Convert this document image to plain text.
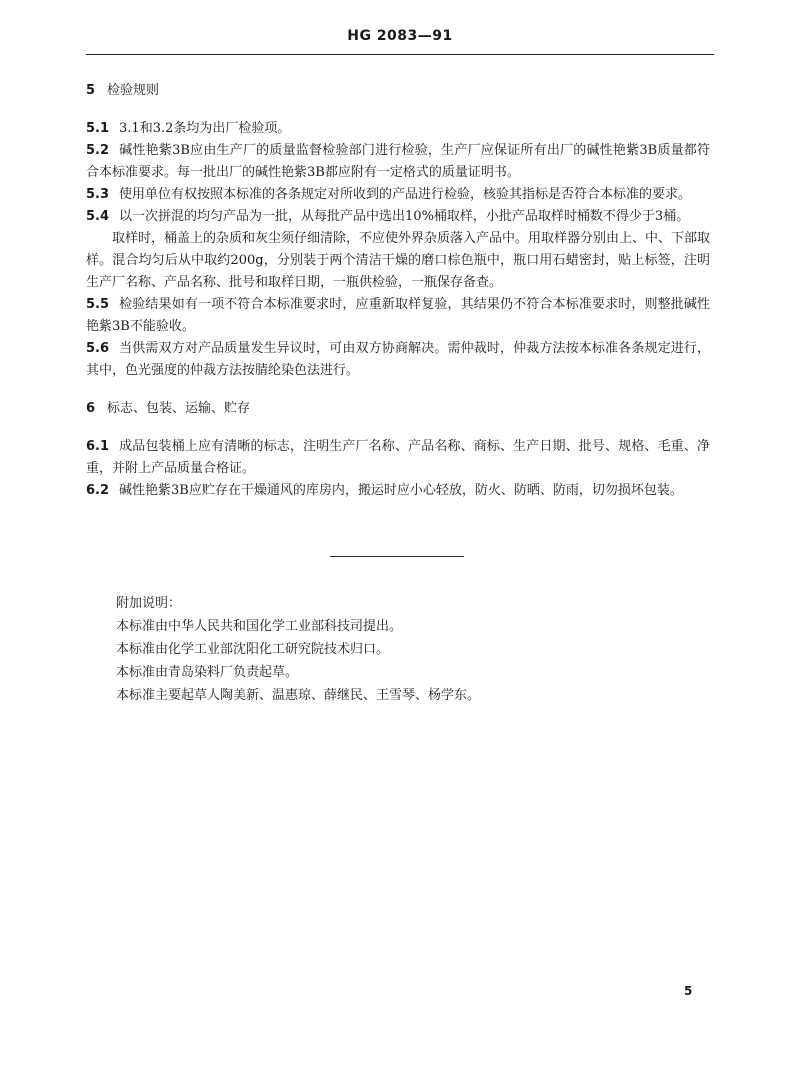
HG 2083—91

5 检验规则

5.1 3.1和3.2条均为出厂检验项。

5.2 碱性艳紫3B应由生产厂的质量监督检验部门进行检验，生产厂应保证所有出厂的碱性艳紫3B质量都符合本标准要求。每一批出厂的碱性艳紫3B都应附有一定格式的质量证明书。

5.3 使用单位有权按照本标准的各条规定对所收到的产品进行检验，核验其指标是否符合本标准的要求。

5.4 以一次拼混的均匀产品为一批，从每批产品中选出10%桶取样，小批产品取样时桶数不得少于3桶。

取样时，桶盖上的杂质和灰尘须仔细清除，不应使外界杂质落入产品中。用取样器分别由上、中、下部取样。混合均匀后从中取约200g，分别装于两个清洁干燥的磨口棕色瓶中，瓶口用石蜡密封，贴上标签，注明生产厂名称、产品名称、批号和取样日期，一瓶供检验，一瓶保存备查。

5.5 检验结果如有一项不符合本标准要求时，应重新取样复验，其结果仍不符合本标准要求时，则整批碱性艳紫3B不能验收。

5.6 当供需双方对产品质量发生异议时，可由双方协商解决。需仲裁时，仲裁方法按本标准各条规定进行，其中，色光强度的仲裁方法按腈纶染色法进行。

6 标志、包装、运输、贮存

6.1 成品包装桶上应有清晰的标志，注明生产厂名称、产品名称、商标、生产日期、批号、规格、毛重、净重，并附上产品质量合格证。

6.2 碱性艳紫3B应贮存在干燥通风的库房内，搬运时应小心轻放，防火、防晒、防雨，切勿损坏包装。

附加说明：

本标准由中华人民共和国化学工业部科技司提出。

本标准由化学工业部沈阳化工研究院技术归口。

本标准由青岛染料厂负责起草。

本标准主要起草人陶美新、温惠琼、薛继民、王雪琴、杨学东。

5
